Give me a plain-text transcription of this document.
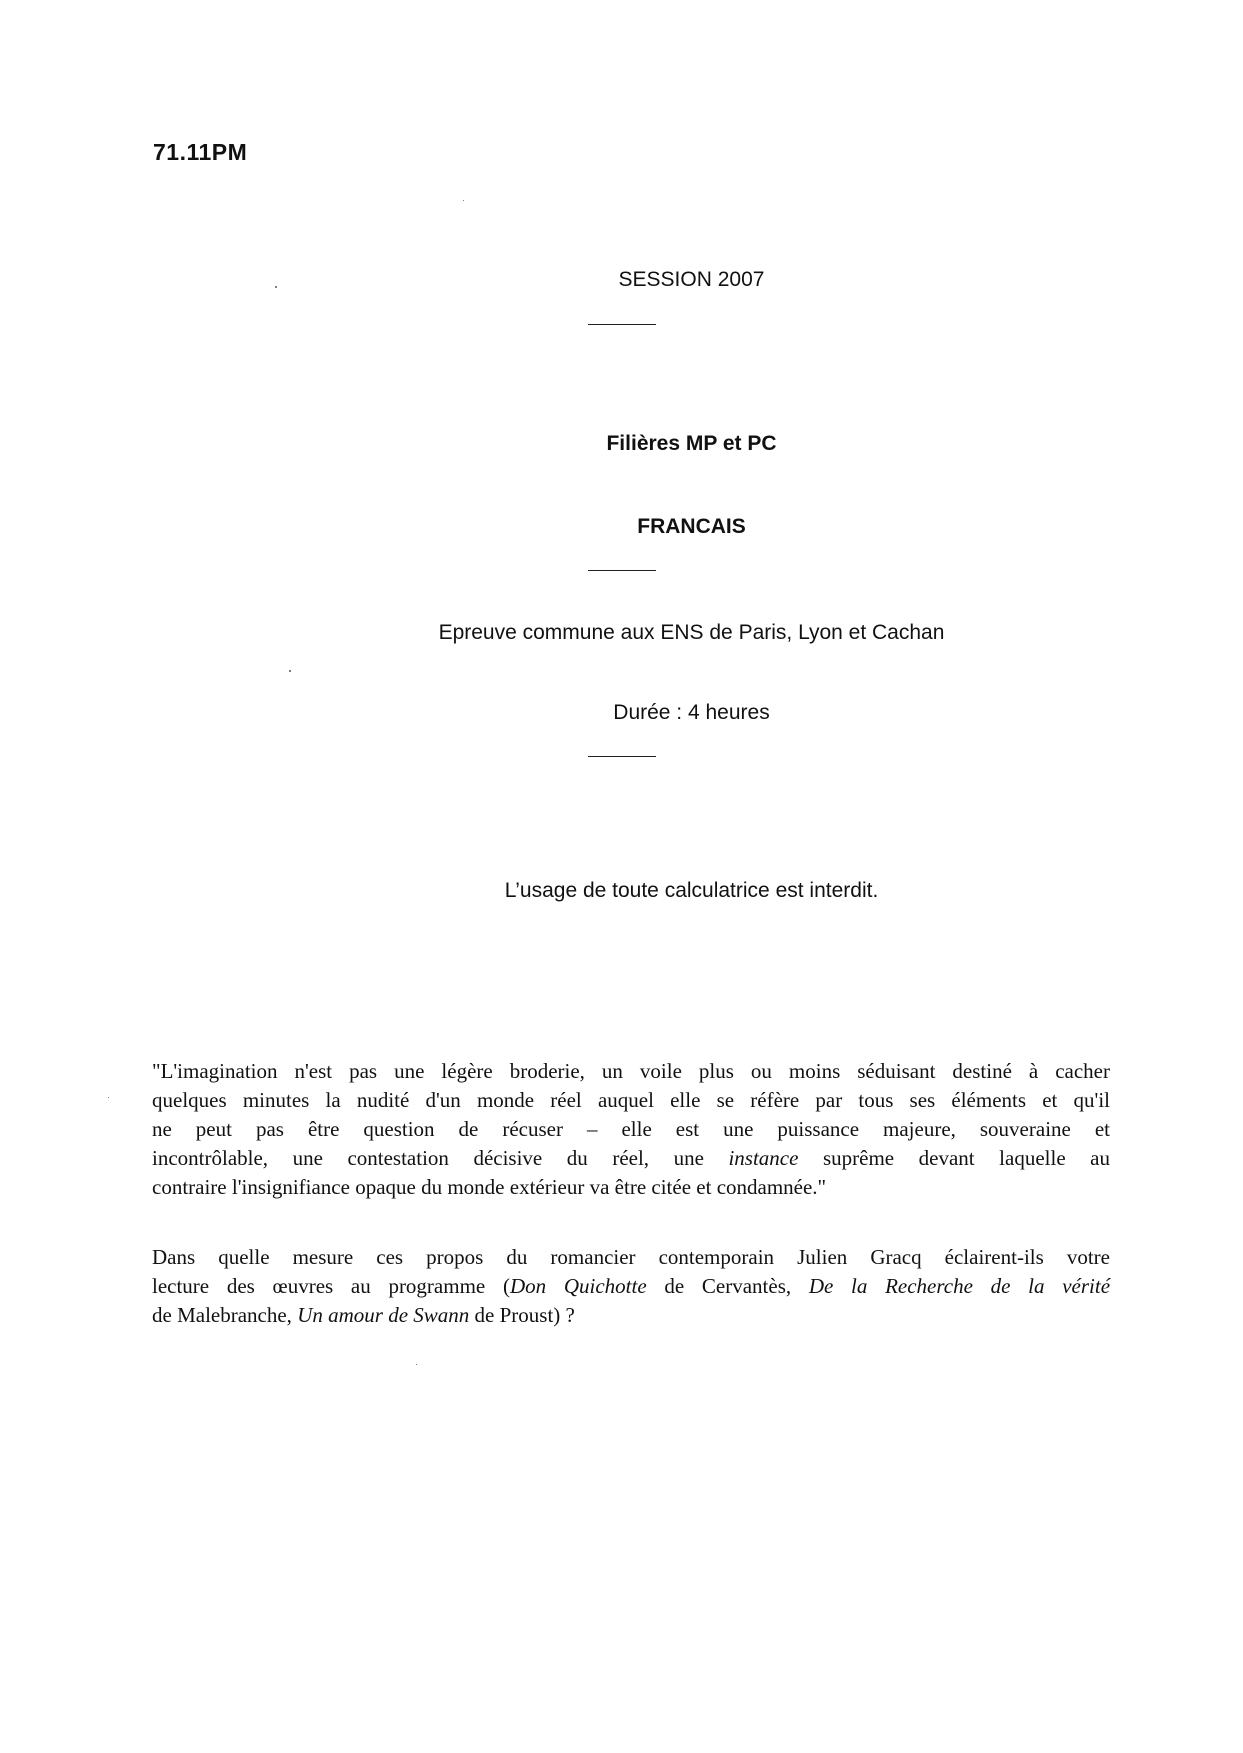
71.11PM
SESSION 2007
Filières MP et PC
FRANCAIS
Epreuve commune aux ENS de Paris, Lyon et Cachan
Durée : 4 heures
L’usage de toute calculatrice est interdit.
"L'imagination n'est pas une légère broderie, un voile plus ou moins séduisant destiné à cacher
quelques minutes la nudité d'un monde réel auquel elle se réfère par tous ses éléments et qu'il
ne peut pas être question de récuser – elle est une puissance majeure, souveraine et
incontrôlable, une contestation décisive du réel, une instance suprême devant laquelle au
contraire l'insignifiance opaque du monde extérieur va être citée et condamnée."
Dans quelle mesure ces propos du romancier contemporain Julien Gracq éclairent-ils votre
lecture des œuvres au programme (Don Quichotte de Cervantès, De la Recherche de la vérité
de Malebranche, Un amour de Swann de Proust) ?
